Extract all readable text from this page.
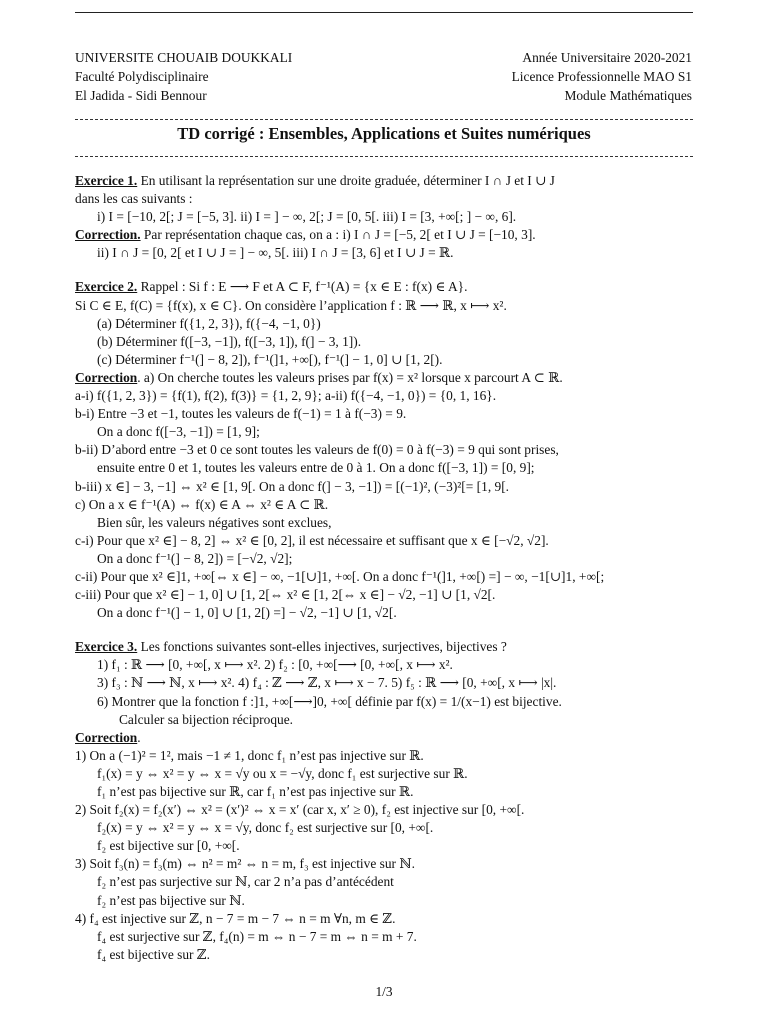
UNIVERSITE CHOUAIB DOUKKALI
Faculté Polydisciplinaire
El Jadida - Sidi Bennour
Année Universitaire 2020-2021
Licence Professionnelle MAO S1
Module Mathématiques
TD corrigé : Ensembles, Applications et Suites numériques
Exercice 1. En utilisant la représentation sur une droite graduée, déterminer I ∩ J et I ∪ J
dans les cas suivants :
i) I = [−10, 2[; J = [−5, 3]. ii) I = ] − ∞, 2[; J = [0, 5[. iii) I = [3, +∞[; ] − ∞, 6].
Correction. Par représentation chaque cas, on a : i) I ∩ J = [−5, 2[ et I ∪ J = [−10, 3].
ii) I ∩ J = [0, 2[ et I ∪ J = ] − ∞, 5[. iii) I ∩ J = [3, 6] et I ∪ J = ℝ.
Exercice 2. Rappel : Si f : E ⟶ F et A ⊂ F, f⁻¹(A) = {x ∈ E : f(x) ∈ A}.
Si C ∈ E, f(C) = {f(x), x ∈ C}. On considère l’application f : ℝ ⟶ ℝ, x ⟼ x².
(a) Déterminer f({1, 2, 3}), f({−4, −1, 0})
(b) Déterminer f([−3, −1]), f([−3, 1]), f(] − 3, 1]).
(c) Déterminer f⁻¹(] − 8, 2]), f⁻¹(]1, +∞[), f⁻¹(] − 1, 0] ∪ [1, 2[).
Correction. a) On cherche toutes les valeurs prises par f(x) = x² lorsque x parcourt A ⊂ ℝ.
a-i) f({1, 2, 3}) = {f(1), f(2), f(3)} = {1, 2, 9}; a-ii) f({−4, −1, 0}) = {0, 1, 16}.
b-i) Entre −3 et −1, toutes les valeurs de f(−1) = 1 à f(−3) = 9.
On a donc f([−3, −1]) = [1, 9];
b-ii) D’abord entre −3 et 0 ce sont toutes les valeurs de f(0) = 0 à f(−3) = 9 qui sont prises,
ensuite entre 0 et 1, toutes les valeurs entre de 0 à 1. On a donc f([−3, 1]) = [0, 9];
b-iii) x ∈] − 3, −1] ⇔ x² ∈ [1, 9[. On a donc f(] − 3, −1]) = [(−1)², (−3)²[= [1, 9[.
c) On a x ∈ f⁻¹(A) ⇔ f(x) ∈ A ⇔ x² ∈ A ⊂ ℝ.
Bien sûr, les valeurs négatives sont exclues,
c-i) Pour que x² ∈] − 8, 2] ⇔ x² ∈ [0, 2], il est nécessaire et suffisant que x ∈ [−√2, √2].
On a donc f⁻¹(] − 8, 2]) = [−√2, √2];
c-ii) Pour que x² ∈]1, +∞[⇔ x ∈] − ∞, −1[∪]1, +∞[. On a donc f⁻¹(]1, +∞[) =] − ∞, −1[∪]1, +∞[;
c-iii) Pour que x² ∈] − 1, 0] ∪ [1, 2[⇔ x² ∈ [1, 2[⇔ x ∈] − √2, −1] ∪ [1, √2[.
On a donc f⁻¹(] − 1, 0] ∪ [1, 2[) =] − √2, −1] ∪ [1, √2[.
Exercice 3. Les fonctions suivantes sont-elles injectives, surjectives, bijectives ?
1) f₁ : ℝ ⟶ [0, +∞[, x ⟼ x². 2) f₂ : [0, +∞[⟶ [0, +∞[, x ⟼ x².
3) f₃ : ℕ ⟶ ℕ, x ⟼ x². 4) f₄ : ℤ ⟶ ℤ, x ⟼ x − 7. 5) f₅ : ℝ ⟶ [0, +∞[, x ⟼ |x|.
6) Montrer que la fonction f :]1, +∞[⟶]0, +∞[ définie par f(x) = 1/(x−1) est bijective.
Calculer sa bijection réciproque.
Correction.
1) On a (−1)² = 1², mais −1 ≠ 1, donc f₁ n’est pas injective sur ℝ.
f₁(x) = y ⇔ x² = y ⇔ x = √y ou x = −√y, donc f₁ est surjective sur ℝ.
f₁ n’est pas bijective sur ℝ, car f₁ n’est pas injective sur ℝ.
2) Soit f₂(x) = f₂(x′) ⇔ x² = (x′)² ⇔ x = x′ (car x, x′ ≥ 0), f₂ est injective sur [0, +∞[.
f₂(x) = y ⇔ x² = y ⇔ x = √y, donc f₂ est surjective sur [0, +∞[.
f₂ est bijective sur [0, +∞[.
3) Soit f₃(n) = f₃(m) ⇔ n² = m² ⇔ n = m, f₃ est injective sur ℕ.
f₂ n’est pas surjective sur ℕ, car 2 n’a pas d’antécédent
f₂ n’est pas bijective sur ℕ.
4) f₄ est injective sur ℤ, n − 7 = m − 7 ⇔ n = m ∀n, m ∈ ℤ.
f₄ est surjective sur ℤ, f₄(n) = m ⇔ n − 7 = m ⇔ n = m + 7.
f₄ est bijective sur ℤ.
1/3
